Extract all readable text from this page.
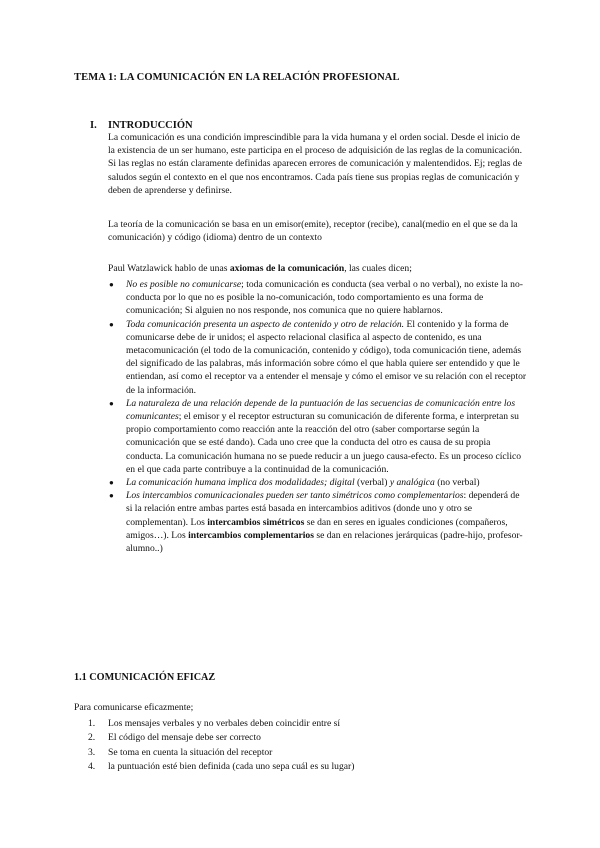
TEMA 1: LA COMUNICACIÓN EN LA RELACIÓN PROFESIONAL
I. INTRODUCCIÓN

La comunicación es una condición imprescindible para la vida humana y el orden social. Desde el inicio de la existencia de un ser humano, este participa en el proceso de adquisición de las reglas de la comunicación. Si las reglas no están claramente definidas aparecen errores de comunicación y malentendidos. Ej; reglas de saludos según el contexto en el que nos encontramos. Cada país tiene sus propias reglas de comunicación y deben de aprenderse y definirse.

La teoría de la comunicación se basa en un emisor(emite), receptor (recibe), canal(medio en el que se da la comunicación) y código (idioma) dentro de un contexto

Paul Watzlawick hablo de unas axiomas de la comunicación, las cuales dicen;

● No es posible no comunicarse; toda comunicación es conducta (sea verbal o no verbal), no existe la no-conducta por lo que no es posible la no-comunicación, todo comportamiento es una forma de comunicación; Si alguien no nos responde, nos comunica que no quiere hablarnos.
● Toda comunicación presenta un aspecto de contenido y otro de relación. El contenido y la forma de comunicarse debe de ir unidos; el aspecto relacional clasifica al aspecto de contenido, es una metacomunicación (el todo de la comunicación, contenido y código), toda comunicación tiene, además del significado de las palabras, más información sobre cómo el que habla quiere ser entendido y que le entiendan, así como el receptor va a entender el mensaje y cómo el emisor ve su relación con el receptor de la información.
● La naturaleza de una relación depende de la puntuación de las secuencias de comunicación entre los comunicantes; el emisor y el receptor estructuran su comunicación de diferente forma, e interpretan su propio comportamiento como reacción ante la reacción del otro (saber comportarse según la comunicación que se esté dando). Cada uno cree que la conducta del otro es causa de su propia conducta. La comunicación humana no se puede reducir a un juego causa-efecto. Es un proceso cíclico en el que cada parte contribuye a la continuidad de la comunicación.
● La comunicación humana implica dos modalidades; digital (verbal) y analógica (no verbal)
● Los intercambios comunicacionales pueden ser tanto simétricos como complementarios: dependerá de si la relación entre ambas partes está basada en intercambios aditivos (donde uno y otro se complementan). Los intercambios simétricos se dan en seres en iguales condiciones (compañeros, amigos…). Los intercambios complementarios se dan en relaciones jerárquicas (padre-hijo, profesor-alumno..)
1.1 COMUNICACIÓN EFICAZ
Para comunicarse eficazmente;
1. Los mensajes verbales y no verbales deben coincidir entre sí
2. El código del mensaje debe ser correcto
3. Se toma en cuenta la situación del receptor
4. la puntuación esté bien definida (cada uno sepa cuál es su lugar)
